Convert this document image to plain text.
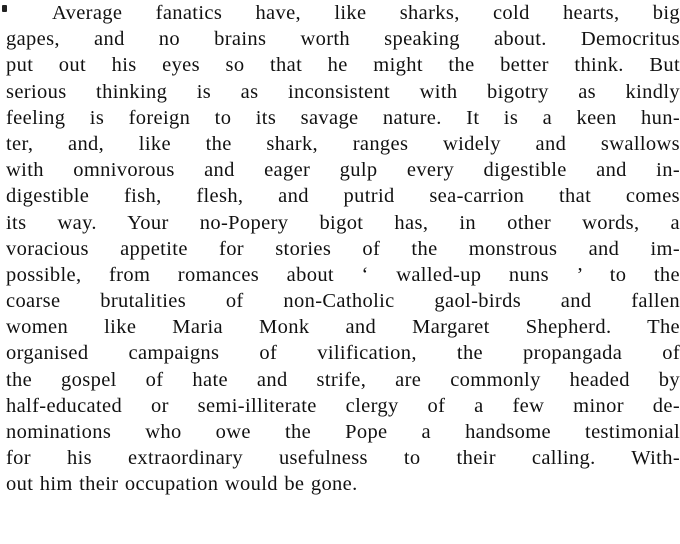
Average fanatics have, like sharks, cold hearts, big
gapes, and no brains worth speaking about. Democritus
put out his eyes so that he might the better think. But
serious thinking is as inconsistent with bigotry as kindly
feeling is foreign to its savage nature. It is a keen hun-
ter, and, like the shark, ranges widely and swallows
with omnivorous and eager gulp every digestible and in-
digestible fish, flesh, and putrid sea-carrion that comes
its way. Your no-Popery bigot has, in other words, a
voracious appetite for stories of the monstrous and im-
possible, from romances about ‘ walled-up nuns ’ to the
coarse brutalities of non-Catholic gaol-birds and fallen
women like Maria Monk and Margaret Shepherd. The
organised campaigns of vilification, the propangada of
the gospel of hate and strife, are commonly headed by
half-educated or semi-illiterate clergy of a few minor de-
nominations who owe the Pope a handsome testimonial
for his extraordinary usefulness to their calling. With-
out him their occupation would be gone.
